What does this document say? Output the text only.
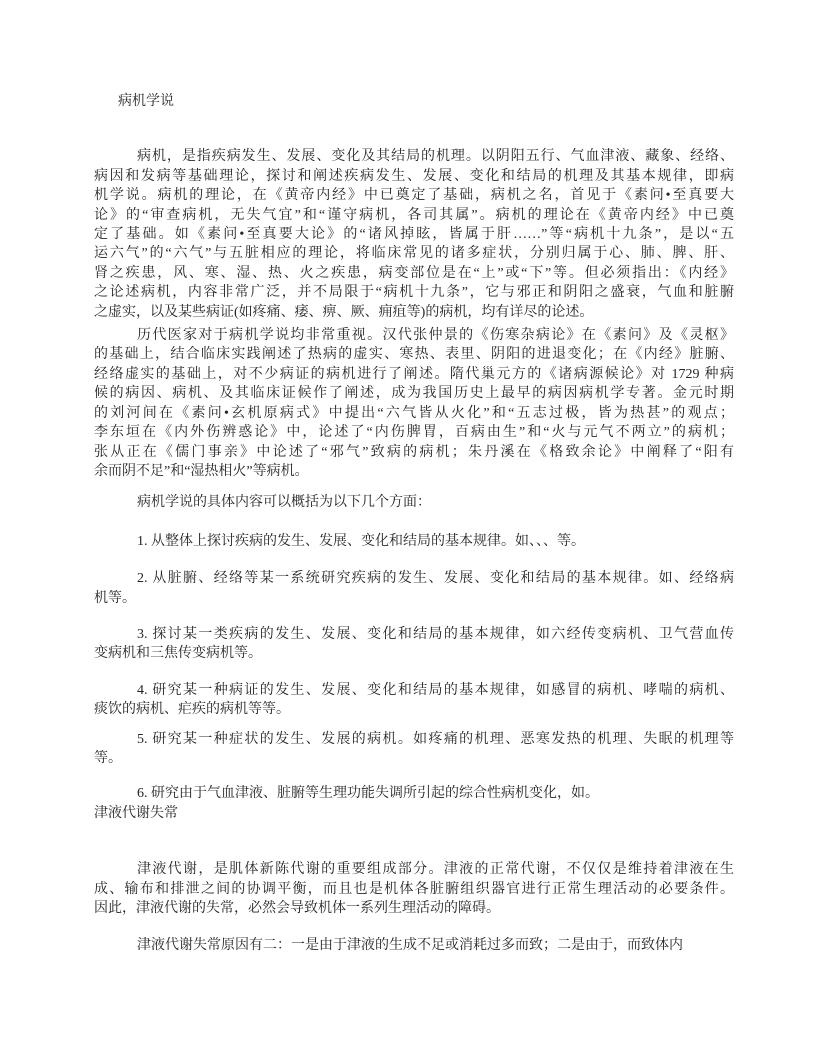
病机学说
病机，是指疾病发生、发展、变化及其结局的机理。以阴阳五行、气血津液、藏象、经络、
病因和发病等基础理论，探讨和阐述疾病发生、发展、变化和结局的机理及其基本规律，即病
机学说。病机的理论，在《黄帝内经》中已奠定了基础，病机之名，首见于《素问•至真要大
论》的“审查病机，无失气宜”和“谨守病机，各司其属”。病机的理论在《黄帝内经》中已奠
定了基础。如《素问•至真要大论》的“诸风掉眩，皆属于肝……”等“病机十九条”，是以“五
运六气”的“六气”与五脏相应的理论，将临床常见的诸多症状，分别归属于心、肺、脾、肝、
肾之疾患，风、寒、湿、热、火之疾患，病变部位是在“上”或“下”等。但必须指出：《内经》
之论述病机，内容非常广泛，并不局限于“病机十九条”，它与邪正和阴阳之盛衰，气血和脏腑
之虚实，以及某些病证(如疼痛、痿、痹、厥、痈疽等)的病机，均有详尽的论述。
历代医家对于病机学说均非常重视。汉代张仲景的《伤寒杂病论》在《素问》及《灵枢》
的基础上，结合临床实践阐述了热病的虚实、寒热、表里、阴阳的进退变化；在《内经》脏腑、
经络虚实的基础上，对不少病证的病机进行了阐述。隋代巢元方的《诸病源候论》对 1729 种病
候的病因、病机、及其临床证候作了阐述，成为我国历史上最早的病因病机学专著。金元时期
的刘河间在《素问•玄机原病式》中提出“六气皆从火化”和“五志过极，皆为热甚”的观点；
李东垣在《内外伤辨惑论》中，论述了“内伤脾胃，百病由生”和“火与元气不两立”的病机；
张从正在《儒门事亲》中论述了“邪气”致病的病机；朱丹溪在《格致余论》中阐释了“阳有
余而阴不足”和“湿热相火”等病机。
病机学说的具体内容可以概括为以下几个方面：
1. 从整体上探讨疾病的发生、发展、变化和结局的基本规律。如、、、等。
2. 从脏腑、经络等某一系统研究疾病的发生、发展、变化和结局的基本规律。如、经络病
机等。
3. 探讨某一类疾病的发生、发展、变化和结局的基本规律，如六经传变病机、卫气营血传
变病机和三焦传变病机等。
4. 研究某一种病证的发生、发展、变化和结局的基本规律，如感冒的病机、哮喘的病机、
痰饮的病机、疟疾的病机等等。
5. 研究某一种症状的发生、发展的病机。如疼痛的机理、恶寒发热的机理、失眠的机理等
等。
6. 研究由于气血津液、脏腑等生理功能失调所引起的综合性病机变化，如。
津液代谢失常
津液代谢，是肌体新陈代谢的重要组成部分。津液的正常代谢，不仅仅是维持着津液在生
成、输布和排泄之间的协调平衡，而且也是机体各脏腑组织器官进行正常生理活动的必要条件。
因此，津液代谢的失常，必然会导致机体一系列生理活动的障碍。
津液代谢失常原因有二：一是由于津液的生成不足或消耗过多而致；二是由于，而致体内
